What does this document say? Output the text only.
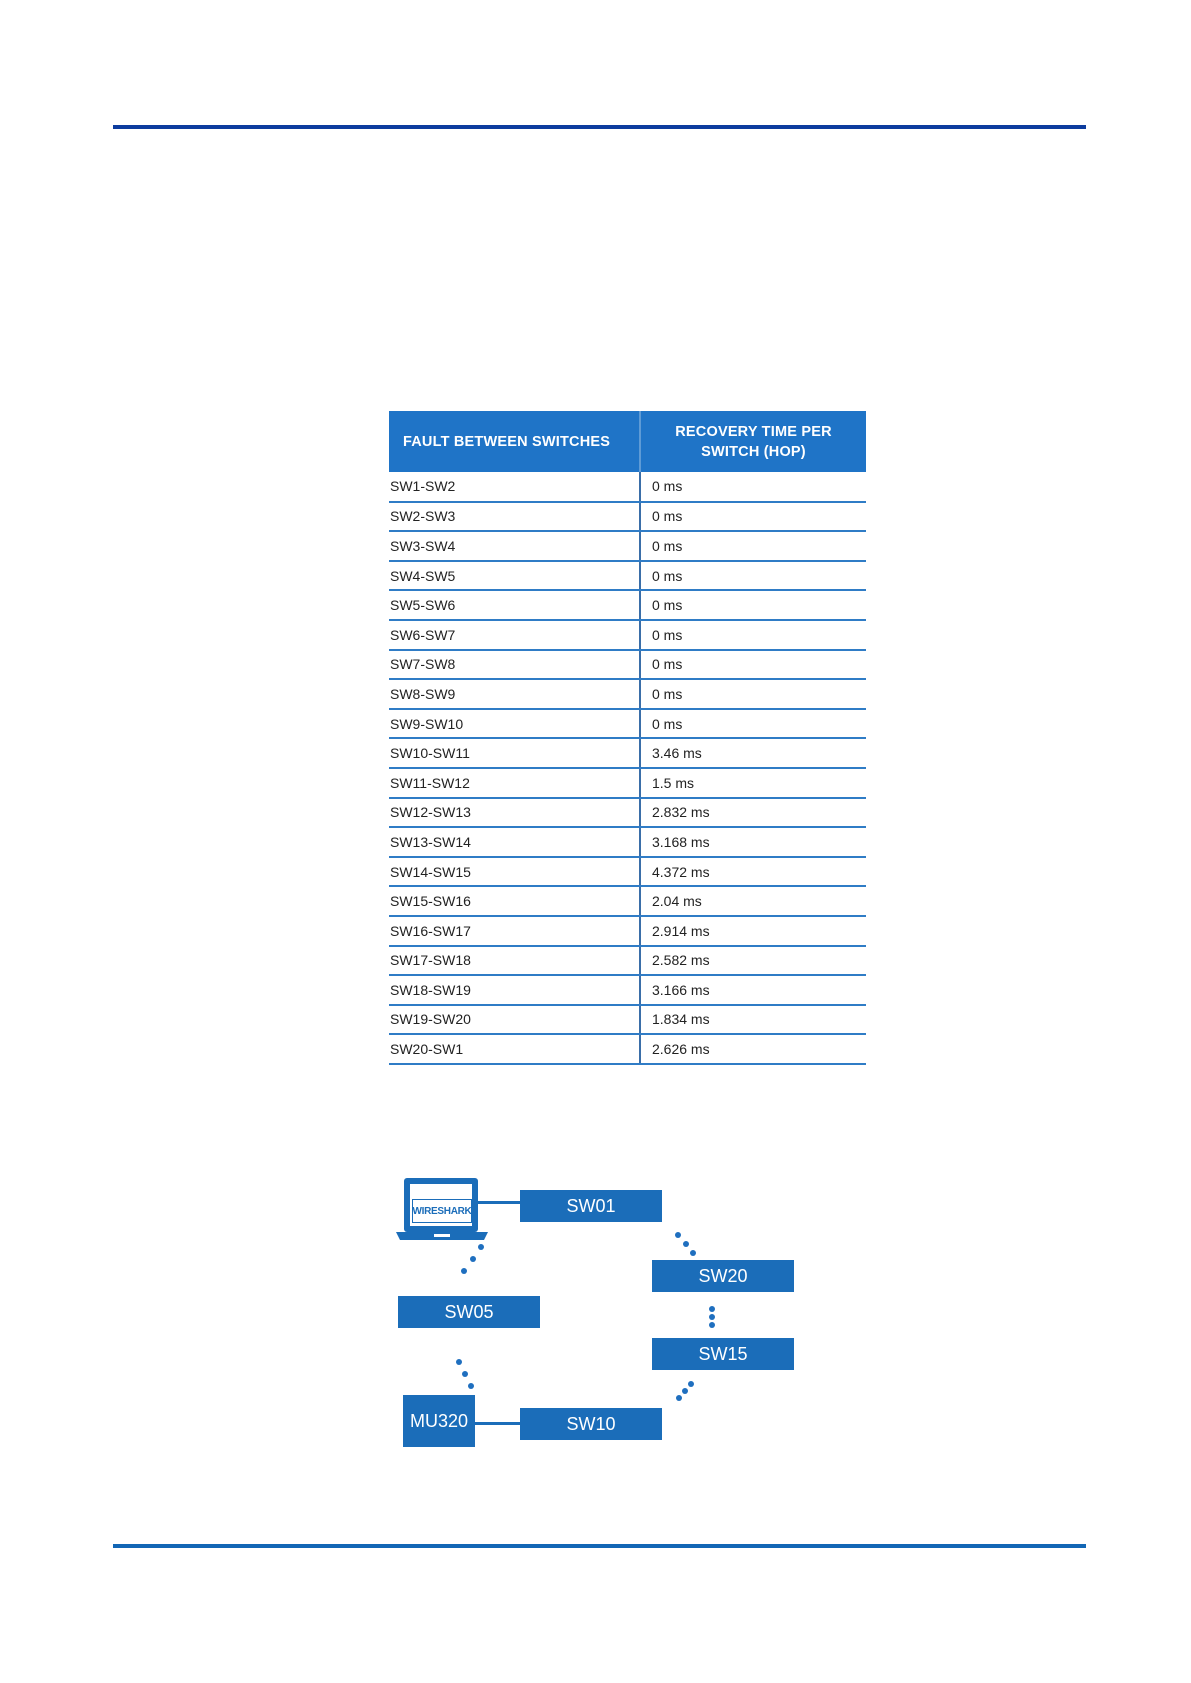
FAULT BETWEEN SWITCHES	RECOVERY TIME PER
SWITCH (HOP)
SW1-SW2	0 ms
SW2-SW3	0 ms
SW3-SW4	0 ms
SW4-SW5	0 ms
SW5-SW6	0 ms
SW6-SW7	0 ms
SW7-SW8	0 ms
SW8-SW9	0 ms
SW9-SW10	0 ms
SW10-SW11	3.46 ms
SW11-SW12	1.5 ms
SW12-SW13	2.832 ms
SW13-SW14	3.168 ms
SW14-SW15	4.372 ms
SW15-SW16	2.04 ms
SW16-SW17	2.914 ms
SW17-SW18	2.582 ms
SW18-SW19	3.166 ms
SW19-SW20	1.834 ms
SW20-SW1	2.626 ms
WIRESHARK	SW01
SW20
SW05
SW15
SW10
MU320
